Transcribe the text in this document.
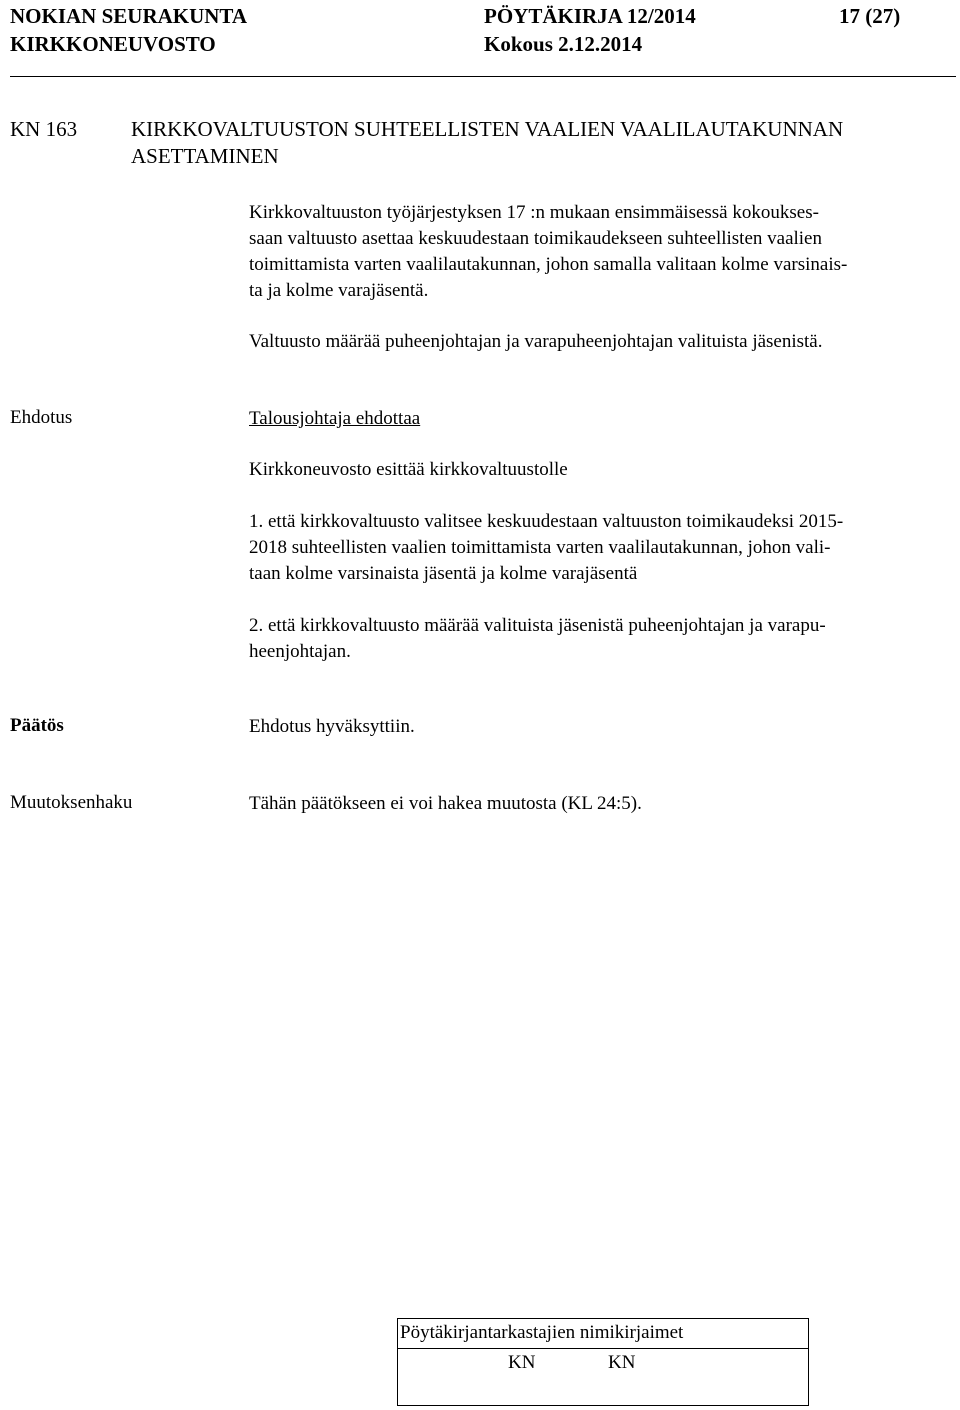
NOKIAN SEURAKUNTA
KIRKKONEUVOSTO
PÖYTÄKIRJA 12/2014
Kokous 2.12.2014
17 (27)
KN 163	KIRKKOVALTUUSTON SUHTEELLISTEN VAALIEN VAALILAUTAKUNNAN
ASETTAMINEN
Kirkkovaltuuston työjärjestyksen 17 :n mukaan ensimmäisessä kokoukses-
saan valtuusto asettaa keskuudestaan toimikaudekseen suhteellisten vaalien
toimittamista varten vaalilautakunnan, johon samalla valitaan kolme varsinais-
ta ja kolme varajäsentä.
Valtuusto määrää puheenjohtajan ja varapuheenjohtajan valituista jäsenistä.
Ehdotus	Talousjohtaja ehdottaa
Kirkkoneuvosto esittää kirkkovaltuustolle
1. että kirkkovaltuusto valitsee keskuudestaan valtuuston toimikaudeksi 2015-
2018 suhteellisten vaalien toimittamista varten vaalilautakunnan, johon vali-
taan kolme varsinaista jäsentä ja kolme varajäsentä
2. että kirkkovaltuusto määrää valituista jäsenistä puheenjohtajan ja varapu-
heenjohtajan.
Päätös	Ehdotus hyväksyttiin.
Muutoksenhaku	Tähän päätökseen ei voi hakea muutosta (KL 24:5).
Pöytäkirjantarkastajien nimikirjaimet
KN	KN
